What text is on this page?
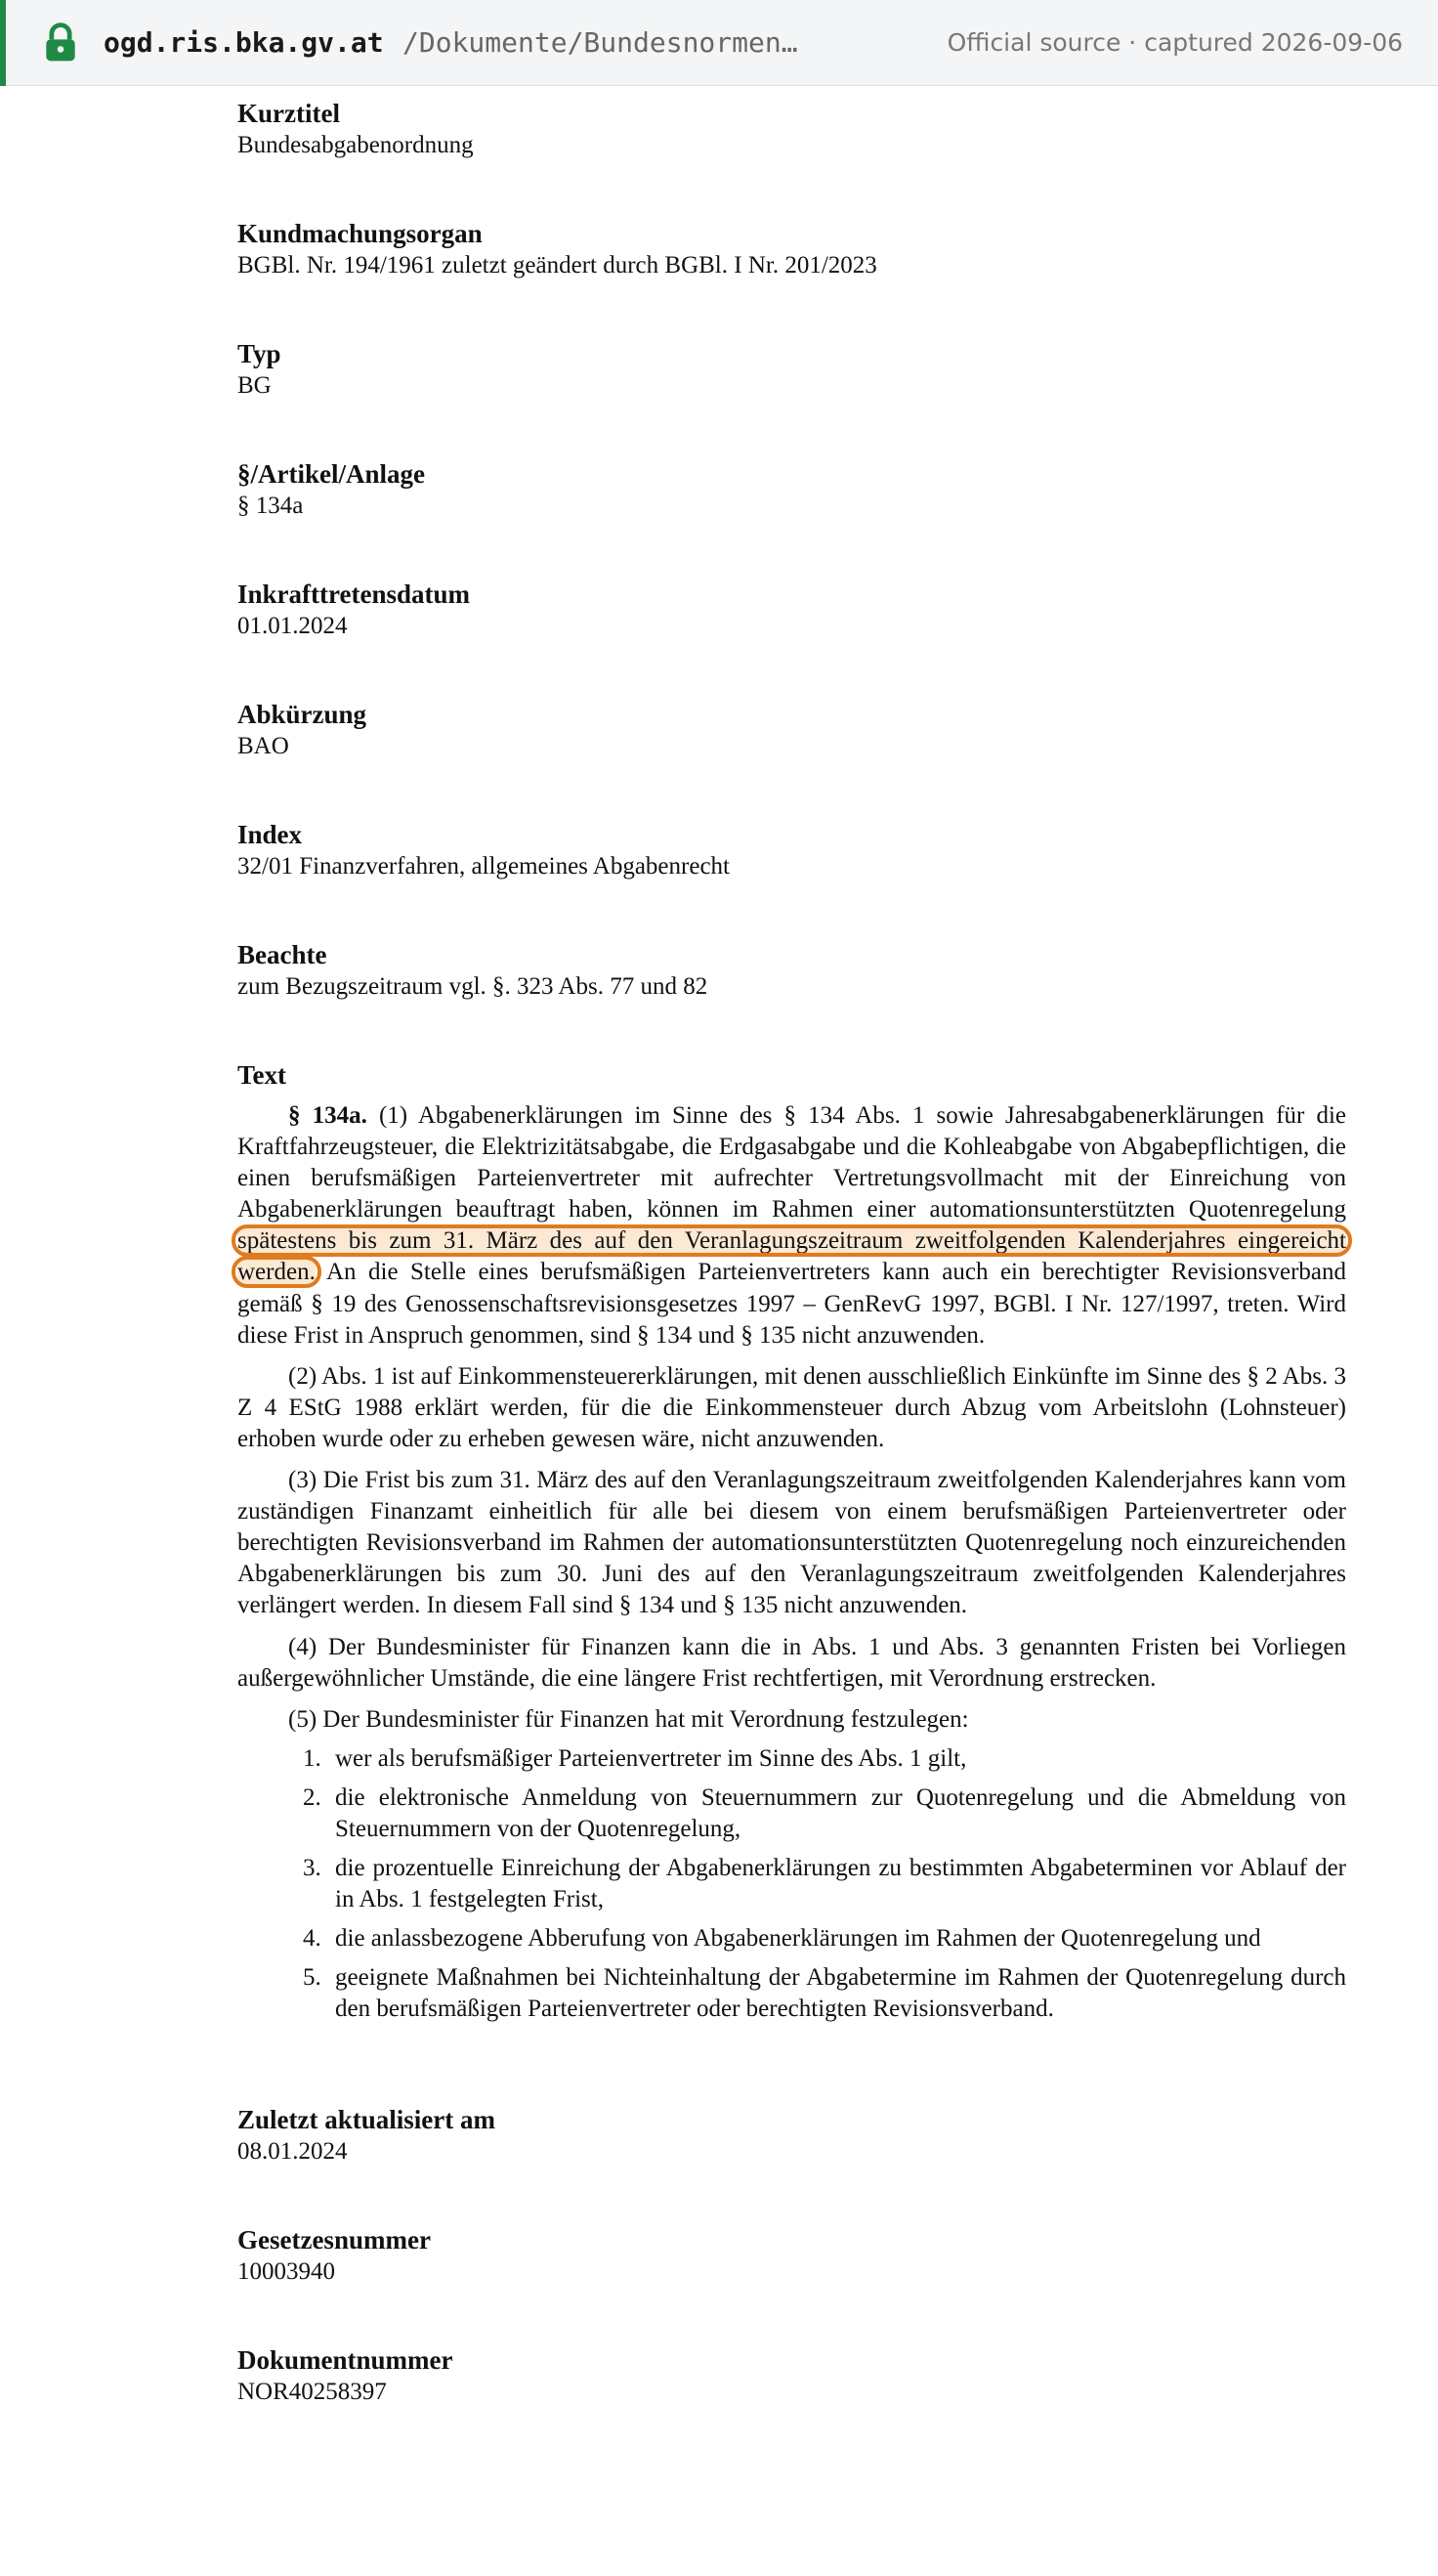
ogd.ris.bka.gv.at /Dokumente/Bundesnormen…	Official source · captured 2026-09-06
Kurztitel
Bundesabgabenordnung
Kundmachungsorgan
BGBl. Nr. 194/1961 zuletzt geändert durch BGBl. I Nr. 201/2023
Typ
BG
§/Artikel/Anlage
§ 134a
Inkrafttretensdatum
01.01.2024
Abkürzung
BAO
Index
32/01 Finanzverfahren, allgemeines Abgabenrecht
Beachte
zum Bezugszeitraum vgl. §. 323 Abs. 77 und 82
Text

§ 134a. (1) Abgabenerklärungen im Sinne des § 134 Abs. 1 sowie Jahresabgabenerklärungen für die Kraftfahrzeugsteuer, die Elektrizitätsabgabe, die Erdgasabgabe und die Kohleabgabe von Abgabepflichtigen, die einen berufsmäßigen Parteienvertreter mit aufrechter Vertretungsvollmacht mit der Einreichung von Abgabenerklärungen beauftragt haben, können im Rahmen einer automationsunterstützten Quotenregelung spätestens bis zum 31. März des auf den Veranlagungszeitraum zweitfolgenden Kalenderjahres eingereicht werden. An die Stelle eines berufsmäßigen Parteienvertreters kann auch ein berechtigter Revisionsverband gemäß § 19 des Genossenschaftsrevisionsgesetzes 1997 – GenRevG 1997, BGBl. I Nr. 127/1997, treten. Wird diese Frist in Anspruch genommen, sind § 134 und § 135 nicht anzuwenden.

(2) Abs. 1 ist auf Einkommensteuererklärungen, mit denen ausschließlich Einkünfte im Sinne des § 2 Abs. 3 Z 4 EStG 1988 erklärt werden, für die die Einkommensteuer durch Abzug vom Arbeitslohn (Lohnsteuer) erhoben wurde oder zu erheben gewesen wäre, nicht anzuwenden.

(3) Die Frist bis zum 31. März des auf den Veranlagungszeitraum zweitfolgenden Kalenderjahres kann vom zuständigen Finanzamt einheitlich für alle bei diesem von einem berufsmäßigen Parteienvertreter oder berechtigten Revisionsverband im Rahmen der automationsunterstützten Quotenregelung noch einzureichenden Abgabenerklärungen bis zum 30. Juni des auf den Veranlagungszeitraum zweitfolgenden Kalenderjahres verlängert werden. In diesem Fall sind § 134 und § 135 nicht anzuwenden.

(4) Der Bundesminister für Finanzen kann die in Abs. 1 und Abs. 3 genannten Fristen bei Vorliegen außergewöhnlicher Umstände, die eine längere Frist rechtfertigen, mit Verordnung erstrecken.

(5) Der Bundesminister für Finanzen hat mit Verordnung festzulegen:

1. wer als berufsmäßiger Parteienvertreter im Sinne des Abs. 1 gilt,
2. die elektronische Anmeldung von Steuernummern zur Quotenregelung und die Abmeldung von Steuernummern von der Quotenregelung,
3. die prozentuelle Einreichung der Abgabenerklärungen zu bestimmten Abgabeterminen vor Ablauf der in Abs. 1 festgelegten Frist,
4. die anlassbezogene Abberufung von Abgabenerklärungen im Rahmen der Quotenregelung und
5. geeignete Maßnahmen bei Nichteinhaltung der Abgabetermine im Rahmen der Quotenregelung durch den berufsmäßigen Parteienvertreter oder berechtigten Revisionsverband.
Zuletzt aktualisiert am
08.01.2024
Gesetzesnummer
10003940
Dokumentnummer
NOR40258397
